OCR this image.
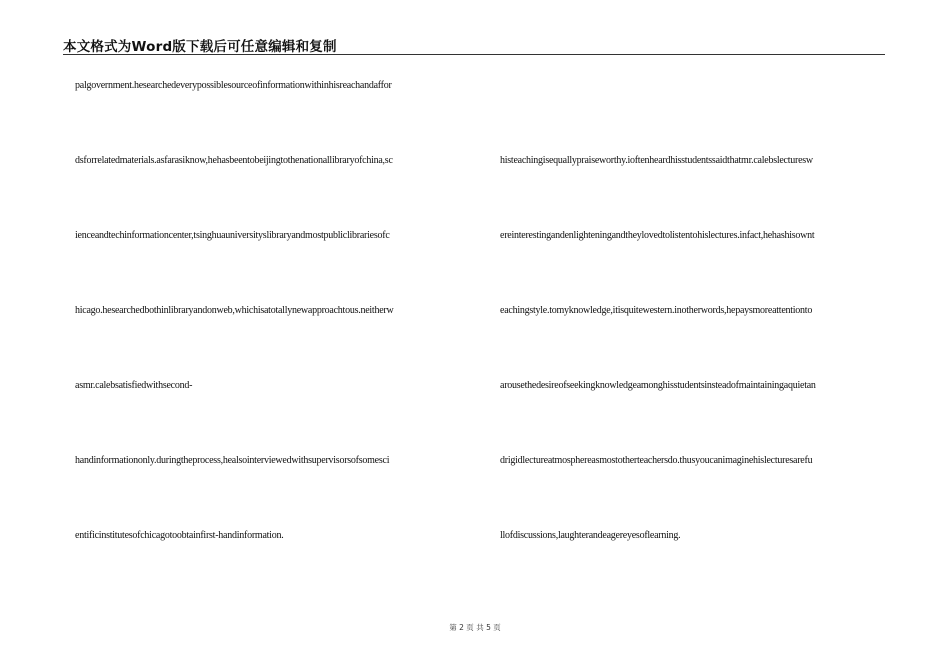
本文格式为Word版下载后可任意编辑和复制
palgovernment.hesearchedeverypossiblesourceofinformationwithinhisreachandaffor
dsforrelatedmaterials.asfarasiknow,hehasbeentobeijingtothenationallibraryofchina,sc
ienceandtechinformationcenter,tsinghuauniversityslibraryandmostpubliclibrariesofc
hicago.hesearchedbothinlibraryandonweb,whichisatotallynewapproachtous.neitherw
asmr.calebsatisfiedwithsecond-
handinformationonly.duringtheprocess,healsointerviewedwithsupervisorsofsomesci
entificinstitutesofchicagotoobtainfirst-handinformation.
histeachingisequallypraiseworthy.ioftenheardhisstudentssaidthatmr.calebslecturesw
ereinterestingandenlighteningandtheylovedtolistentohislectures.infact,hehashisownt
eachingstyle.tomyknowledge,itisquitewestern.inotherwords,hepaysmoreattentionto
arousethedesireofseekingknowledgeamonghisstudentsinsteadofmaintainingaquietan
drigidlectureatmosphereasmostotherteachersdo.thusyoucanimaginehislecturesarefu
llofdiscussions,laughterandeagereyesoflearning.
第 2 页 共 5 页
